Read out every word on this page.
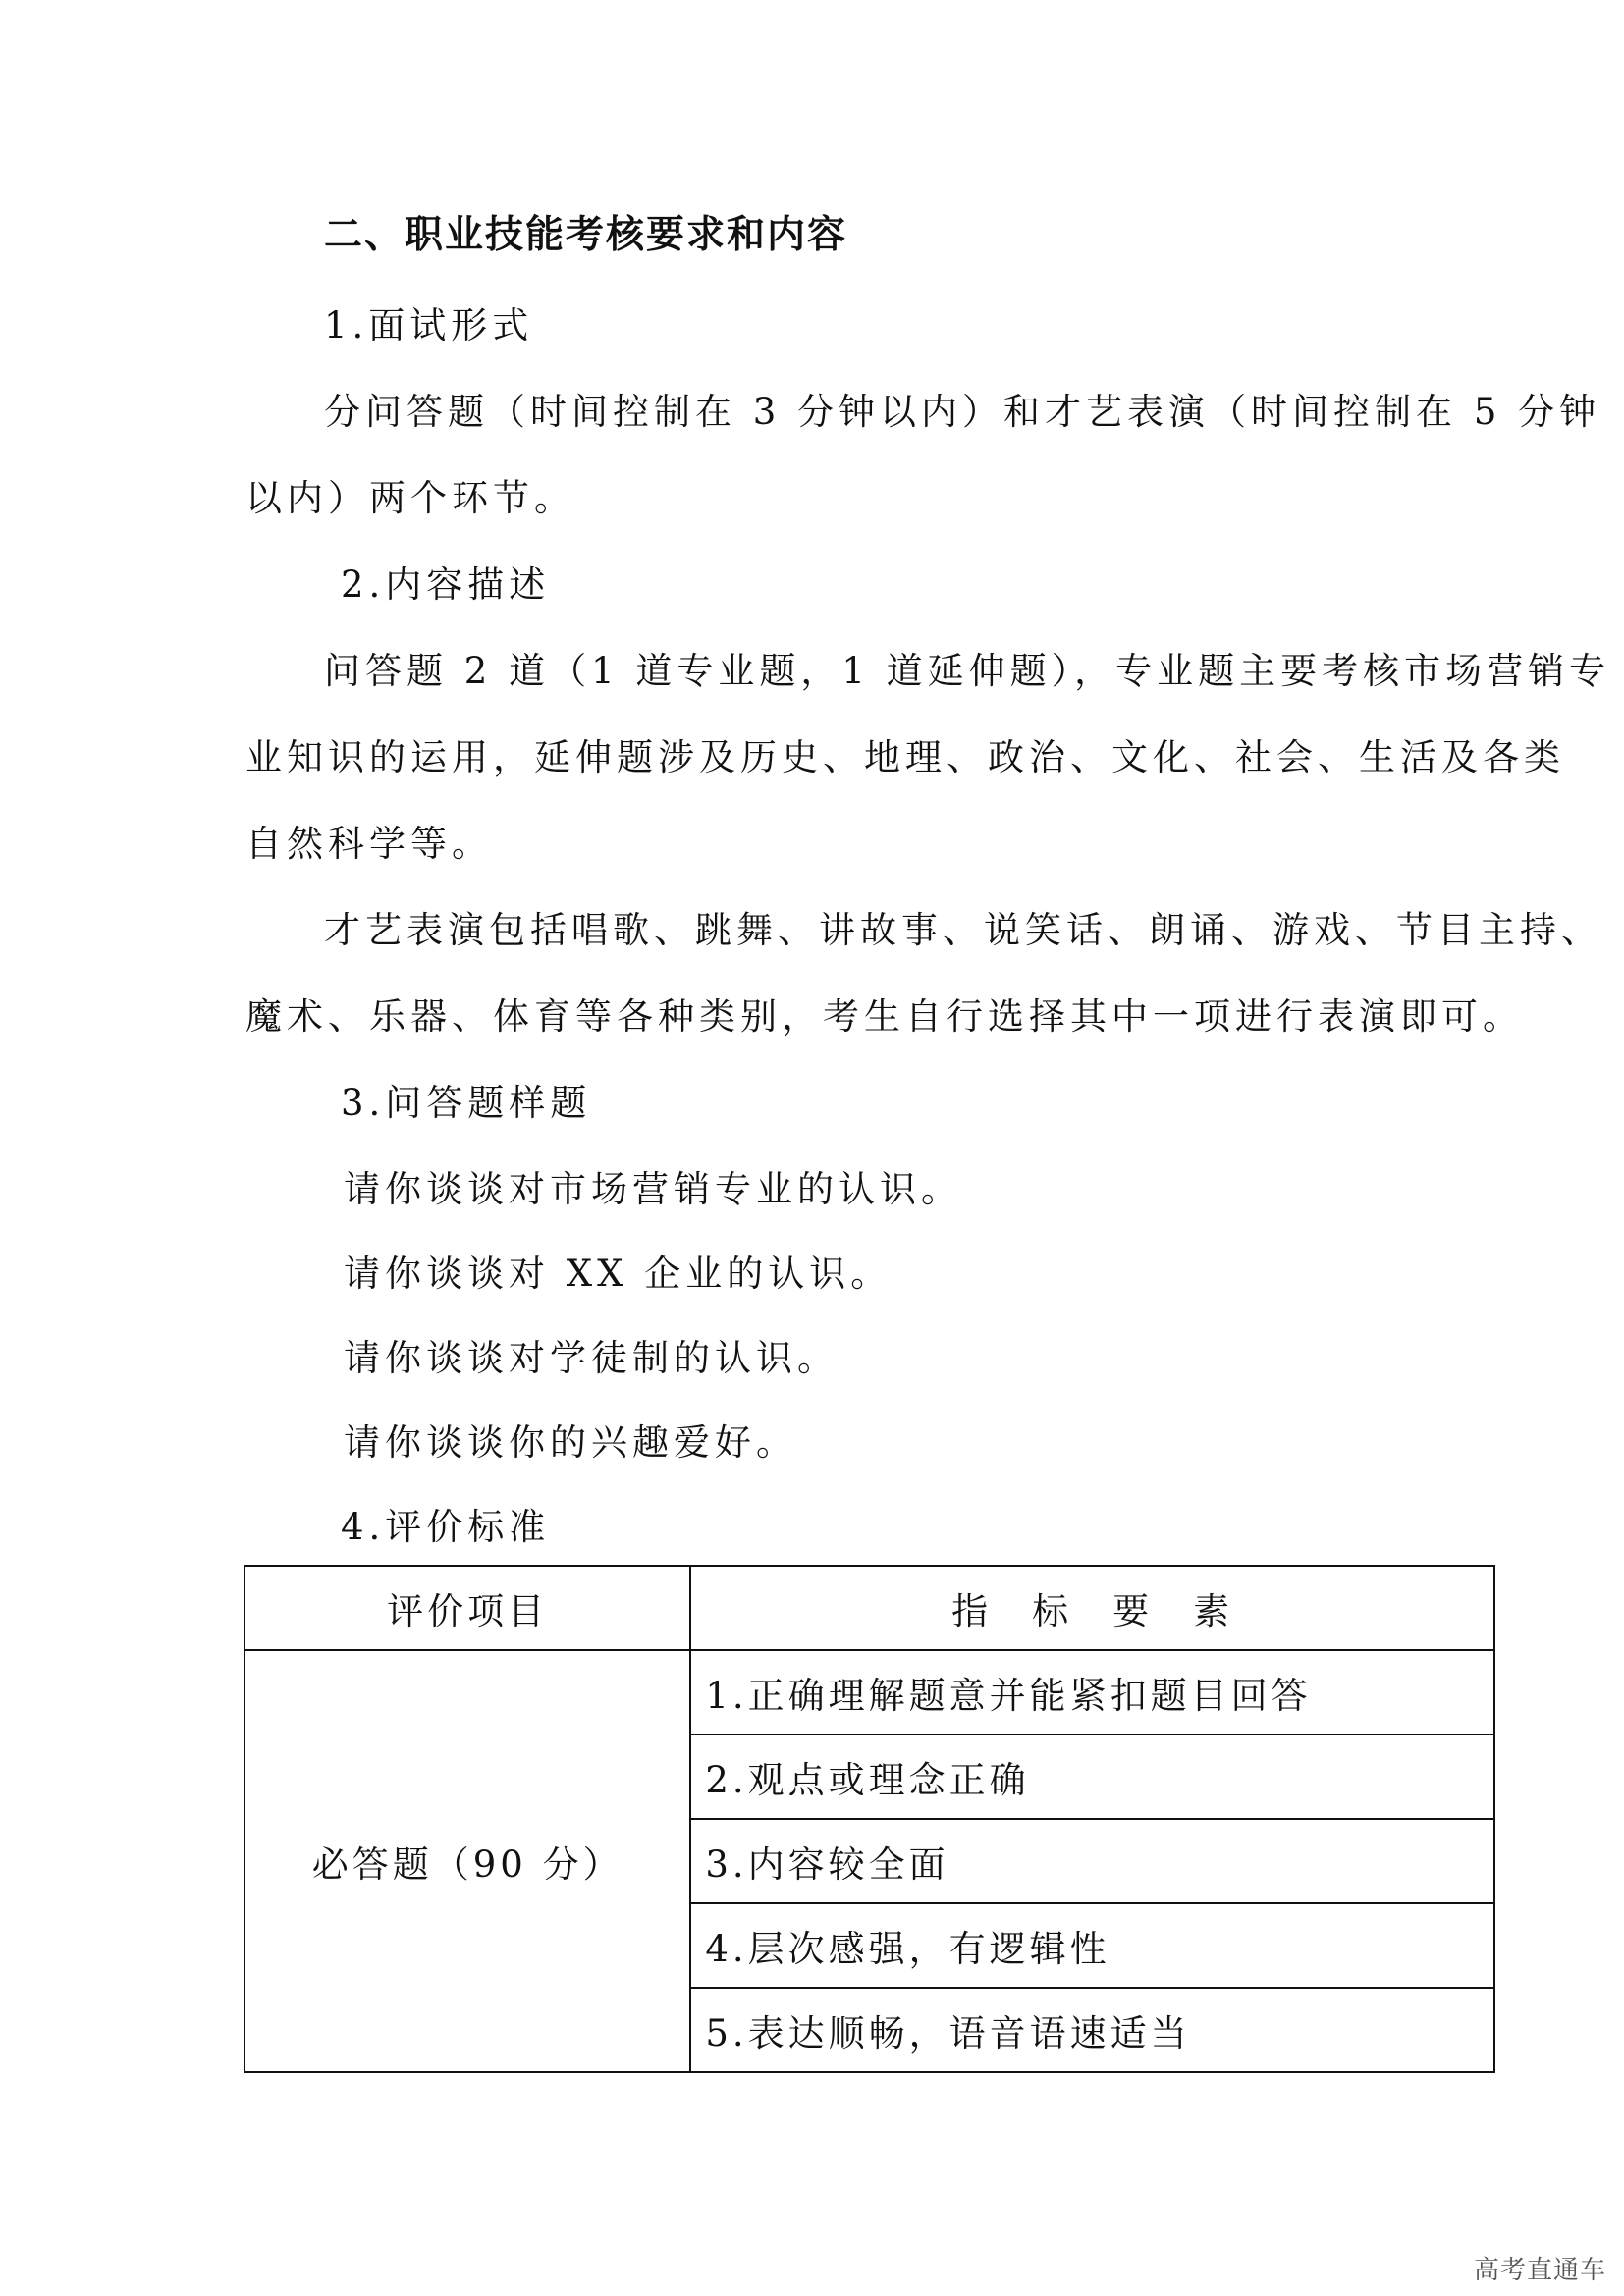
二、职业技能考核要求和内容
1.面试形式
分问答题（时间控制在 3 分钟以内）和才艺表演（时间控制在 5 分钟
以内）两个环节。
2.内容描述
问答题 2 道（1 道专业题，1 道延伸题），专业题主要考核市场营销专
业知识的运用，延伸题涉及历史、地理、政治、文化、社会、生活及各类
自然科学等。
才艺表演包括唱歌、跳舞、讲故事、说笑话、朗诵、游戏、节目主持、
魔术、乐器、体育等各种类别，考生自行选择其中一项进行表演即可。
3.问答题样题
请你谈谈对市场营销专业的认识。
请你谈谈对 XX 企业的认识。
请你谈谈对学徒制的认识。
请你谈谈你的兴趣爱好。
4.评价标准
评价项目	指　标　要　素
必答题（90 分）	1.正确理解题意并能紧扣题目回答
	2.观点或理念正确
	3.内容较全面
	4.层次感强，有逻辑性
	5.表达顺畅，语音语速适当
高考直通车
